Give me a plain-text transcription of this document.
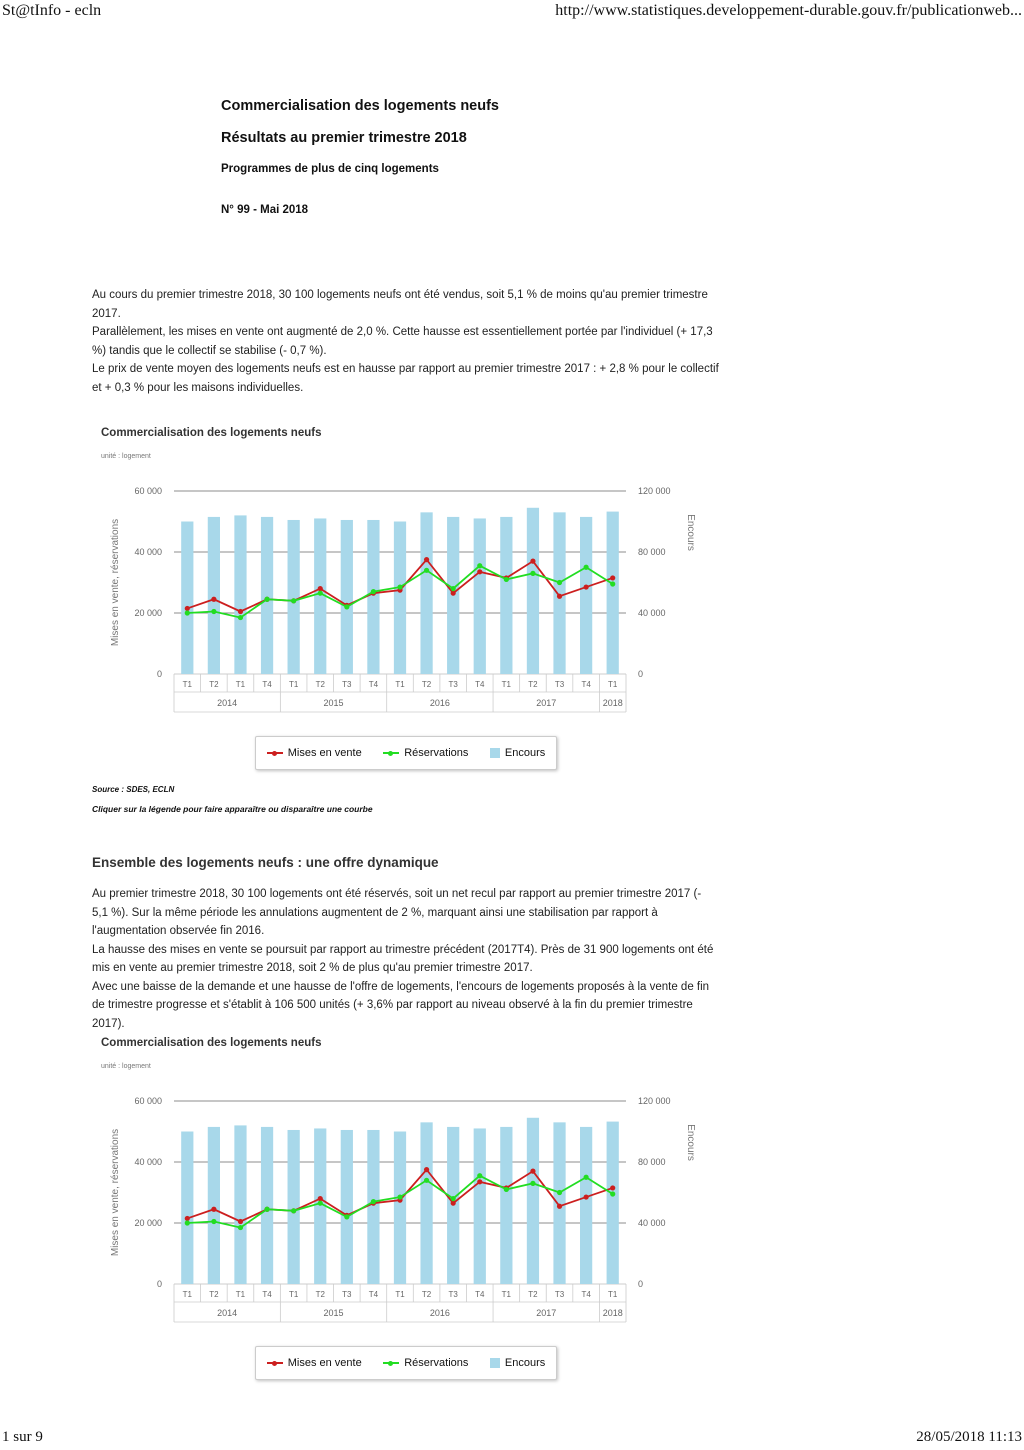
St@tInfo - ecln	http://www.statistiques.developpement-durable.gouv.fr/publicationweb...
1 sur 9	28/05/2018 11:13
Commercialisation des logements neufs
Résultats au premier trimestre 2018
Programmes de plus de cinq logements
N° 99 - Mai 2018

Au cours du premier trimestre 2018, 30 100 logements neufs ont été vendus, soit 5,1 % de moins qu'au premier trimestre 2017.

Parallèlement, les mises en vente ont augmenté de 2,0 %. Cette hausse est essentiellement portée par l'individuel (+ 17,3 %) tandis que le collectif se stabilise (- 0,7 %).

Le prix de vente moyen des logements neufs est en hausse par rapport au premier trimestre 2017 : + 2,8 % pour le collectif et + 0,3 % pour les maisons individuelles.

Commercialisation des logements neufs
unité : logement
0
20 000
40 000
60 000
0
40 000
80 000
120 000
Mises en vente, réservations	Encours
T1 T2 T1 T4 T1 T2 T3 T4 T1 T2 T3 T4 T1 T2 T3 T4 T1
2014	2015	2016	2017	2018
Mises en vente	Réservations	Encours
Source : SDES, ECLN
Cliquer sur la légende pour faire apparaître ou disparaître une courbe
Ensemble des logements neufs : une offre dynamique

Au premier trimestre 2018, 30 100 logements ont été réservés, soit un net recul par rapport au premier trimestre 2017 (- 5,1 %). Sur la même période les annulations augmentent de 2 %, marquant ainsi une stabilisation par rapport à l'augmentation observée fin 2016.

La hausse des mises en vente se poursuit par rapport au trimestre précédent (2017T4). Près de 31 900 logements ont été mis en vente au premier trimestre 2018, soit 2 % de plus qu'au premier trimestre 2017.

Avec une baisse de la demande et une hausse de l'offre de logements, l'encours de logements proposés à la vente de fin de trimestre progresse et s'établit à 106 500 unités (+ 3,6% par rapport au niveau observé à la fin du premier trimestre 2017).

Commercialisation des logements neufs
unité : logement
0
20 000
40 000
60 000
0
40 000
80 000
120 000
Mises en vente, réservations	Encours
T1 T2 T1 T4 T1 T2 T3 T4 T1 T2 T3 T4 T1 T2 T3 T4 T1
2014	2015	2016	2017	2018
Mises en vente	Réservations	Encours
